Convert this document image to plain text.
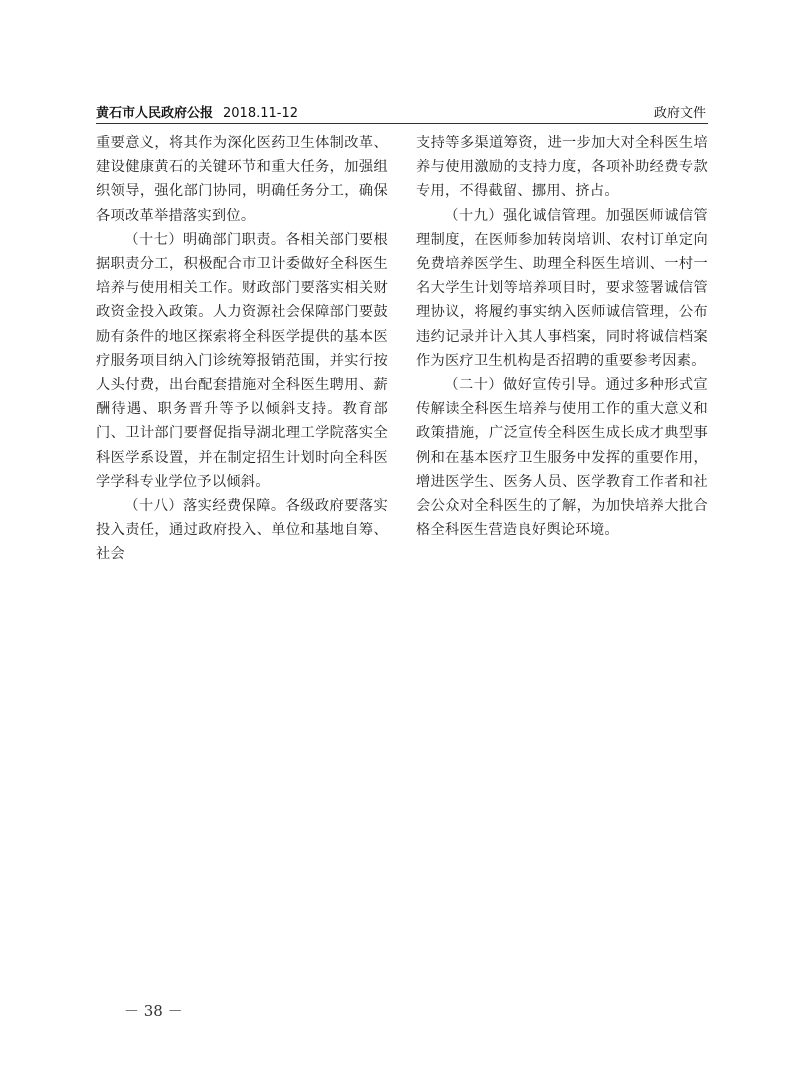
黄石市人民政府公报 2018.11-12	政府文件

重要意义，将其作为深化医药卫生体制改革、建设健康黄石的关键环节和重大任务，加强组织领导，强化部门协同，明确任务分工，确保各项改革举措落实到位。

（十七）明确部门职责。各相关部门要根据职责分工，积极配合市卫计委做好全科医生培养与使用相关工作。财政部门要落实相关财政资金投入政策。人力资源社会保障部门要鼓励有条件的地区探索将全科医学提供的基本医疗服务项目纳入门诊统筹报销范围，并实行按人头付费，出台配套措施对全科医生聘用、薪酬待遇、职务晋升等予以倾斜支持。教育部门、卫计部门要督促指导湖北理工学院落实全科医学系设置，并在制定招生计划时向全科医学学科专业学位予以倾斜。

（十八）落实经费保障。各级政府要落实投入责任，通过政府投入、单位和基地自筹、社会

支持等多渠道筹资，进一步加大对全科医生培养与使用激励的支持力度，各项补助经费专款专用，不得截留、挪用、挤占。

（十九）强化诚信管理。加强医师诚信管理制度，在医师参加转岗培训、农村订单定向免费培养医学生、助理全科医生培训、一村一名大学生计划等培养项目时，要求签署诚信管理协议，将履约事实纳入医师诚信管理，公布违约记录并计入其人事档案，同时将诚信档案作为医疗卫生机构是否招聘的重要参考因素。

（二十）做好宣传引导。通过多种形式宣传解读全科医生培养与使用工作的重大意义和政策措施，广泛宣传全科医生成长成才典型事例和在基本医疗卫生服务中发挥的重要作用，增进医学生、医务人员、医学教育工作者和社会公众对全科医生的了解，为加快培养大批合格全科医生营造良好舆论环境。

－ 38 －
